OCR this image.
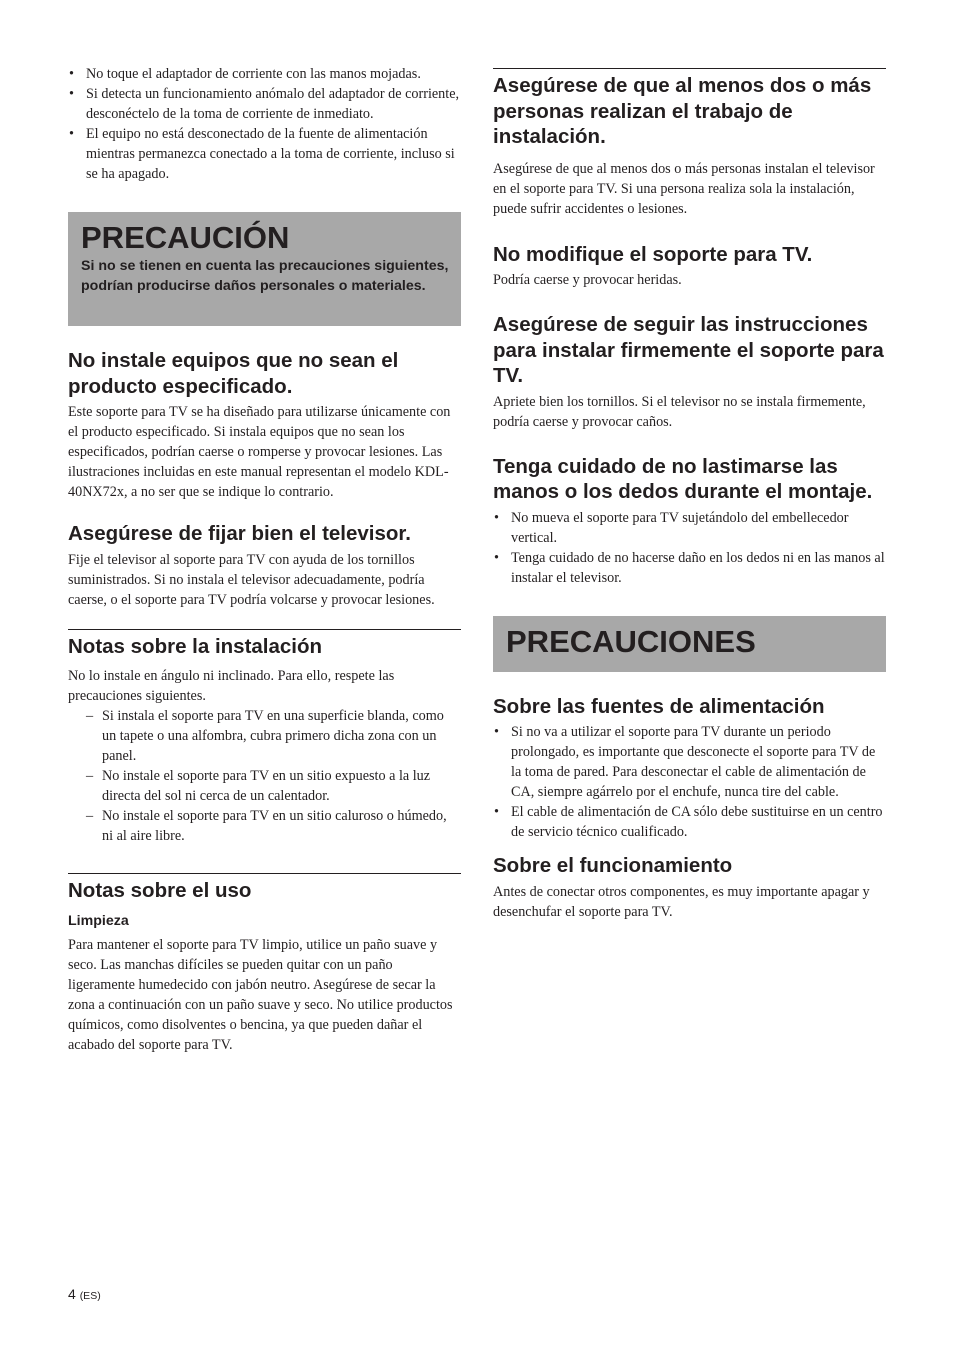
• No toque el adaptador de corriente con las manos mojadas.
• Si detecta un funcionamiento anómalo del adaptador de corriente, desconéctelo de la toma de corriente de inmediato.
• El equipo no está desconectado de la fuente de alimentación mientras permanezca conectado a la toma de corriente, incluso si se ha apagado.
PRECAUCIÓN

Si no se tienen en cuenta las precauciones siguientes, podrían producirse daños personales o materiales.

No instale equipos que no sean el producto especificado.

Este soporte para TV se ha diseñado para utilizarse únicamente con el producto especificado. Si instala equipos que no sean los especificados, podrían caerse o romperse y provocar lesiones. Las ilustraciones incluidas en este manual representan el modelo KDL-40NX72x, a no ser que se indique lo contrario.

Asegúrese de fijar bien el televisor.

Fije el televisor al soporte para TV con ayuda de los tornillos suministrados. Si no instala el televisor adecuadamente, podría caerse, o el soporte para TV podría volcarse y provocar lesiones.

Notas sobre la instalación

No lo instale en ángulo ni inclinado. Para ello, respete las precauciones siguientes.

– Si instala el soporte para TV en una superficie blanda, como un tapete o una alfombra, cubra primero dicha zona con un panel.
– No instale el soporte para TV en un sitio expuesto a la luz directa del sol ni cerca de un calentador.
– No instale el soporte para TV en un sitio caluroso o húmedo, ni al aire libre.
Notas sobre el uso
Limpieza

Para mantener el soporte para TV limpio, utilice un paño suave y seco. Las manchas difíciles se pueden quitar con un paño ligeramente humedecido con jabón neutro. Asegúrese de secar la zona a continuación con un paño suave y seco. No utilice productos químicos, como disolventes o bencina, ya que pueden dañar el acabado del soporte para TV.

Asegúrese de que al menos dos o más personas realizan el trabajo de instalación.

Asegúrese de que al menos dos o más personas instalan el televisor en el soporte para TV. Si una persona realiza sola la instalación, puede sufrir accidentes o lesiones.

No modifique el soporte para TV.

Podría caerse y provocar heridas.

Asegúrese de seguir las instrucciones para instalar firmemente el soporte para TV.

Apriete bien los tornillos. Si el televisor no se instala firmemente, podría caerse y provocar caños.

Tenga cuidado de no lastimarse las manos o los dedos durante el montaje.
• No mueva el soporte para TV sujetándolo del embellecedor vertical.
• Tenga cuidado de no hacerse daño en los dedos ni en las manos al instalar el televisor.
PRECAUCIONES
Sobre las fuentes de alimentación
• Si no va a utilizar el soporte para TV durante un periodo prolongado, es importante que desconecte el soporte para TV de la toma de pared. Para desconectar el cable de alimentación de CA, siempre agárrelo por el enchufe, nunca tire del cable.
• El cable de alimentación de CA sólo debe sustituirse en un centro de servicio técnico cualificado.
Sobre el funcionamiento

Antes de conectar otros componentes, es muy importante apagar y desenchufar el soporte para TV.

4 (ES)
